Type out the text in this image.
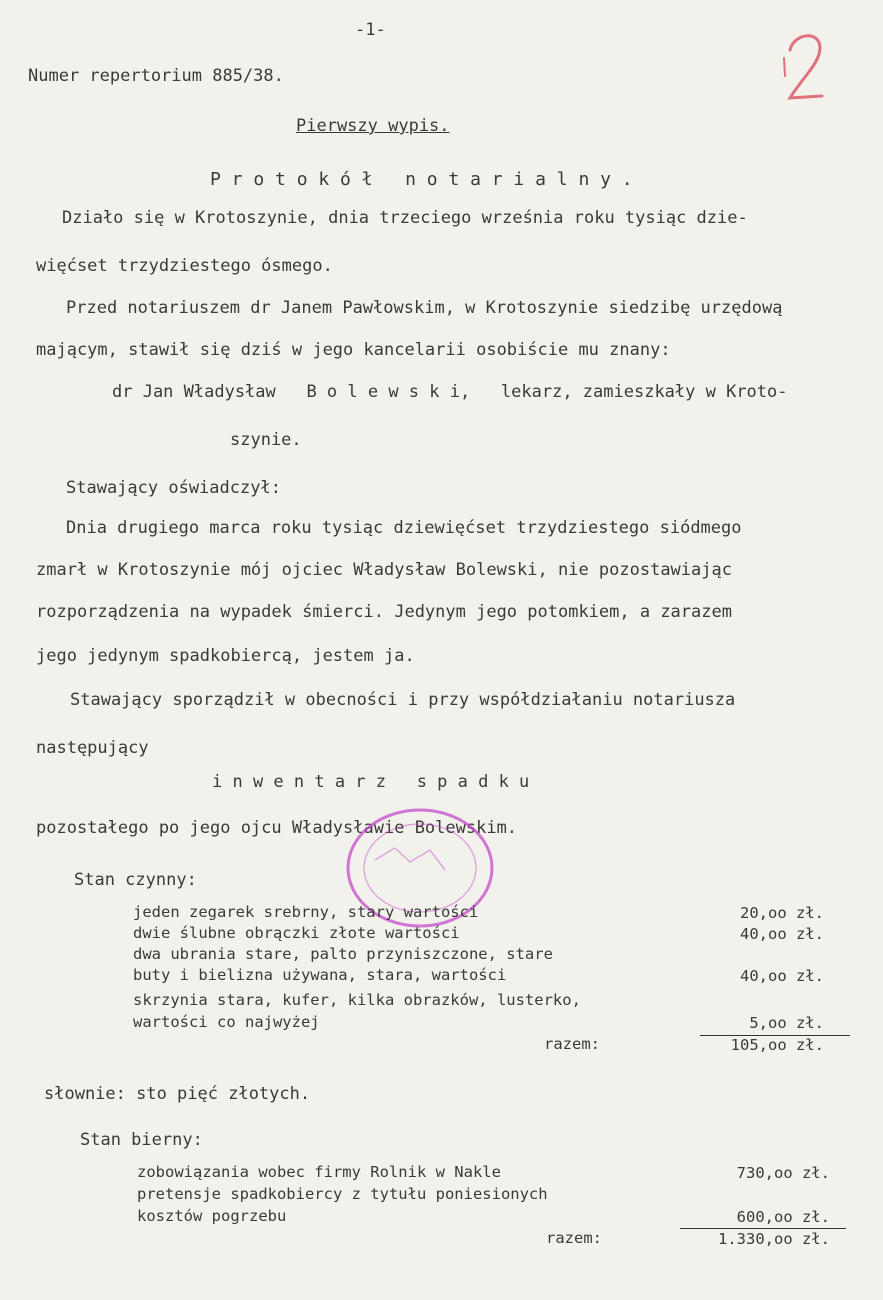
-1-
Numer repertorium 885/38.
Pierwszy wypis.
P r o t o k ó ł   n o t a r i a l n y .
Działo się w Krotoszynie, dnia trzeciego września roku tysiąc dzie-
więćset trzydziestego ósmego.
Przed notariuszem dr Janem Pawłowskim, w Krotoszynie siedzibę urzędową
mającym, stawił się dziś w jego kancelarii osobiście mu znany:
dr Jan Władysław   B o l e w s k i,   lekarz, zamieszkały w Kroto-
szynie.
Stawający oświadczył:
Dnia drugiego marca roku tysiąc dziewięćset trzydziestego siódmego
zmarł w Krotoszynie mój ojciec Władysław Bolewski, nie pozostawiając
rozporządzenia na wypadek śmierci. Jedynym jego potomkiem, a zarazem
jego jedynym spadkobiercą, jestem ja.
Stawający sporządził w obecności i przy współdziałaniu notariusza
następujący
i n w e n t a r z   s p a d k u
pozostałego po jego ojcu Władysławie Bolewskim.
Stan czynny:
jeden zegarek srebrny, stary wartości	20,oo zł.
dwie ślubne obrączki złote wartości	40,oo zł.
dwa ubrania stare, palto przyniszczone, stare
buty i bielizna używana, stara, wartości	40,oo zł.
skrzynia stara, kufer, kilka obrazków, lusterko,
wartości co najwyżej	5,oo zł.
razem:	105,oo zł.
słownie: sto pięć złotych.
Stan bierny:
zobowiązania wobec firmy Rolnik w Nakle	730,oo zł.
pretensje spadkobiercy z tytułu poniesionych
kosztów pogrzebu	600,oo zł.
razem:	1.330,oo zł.
